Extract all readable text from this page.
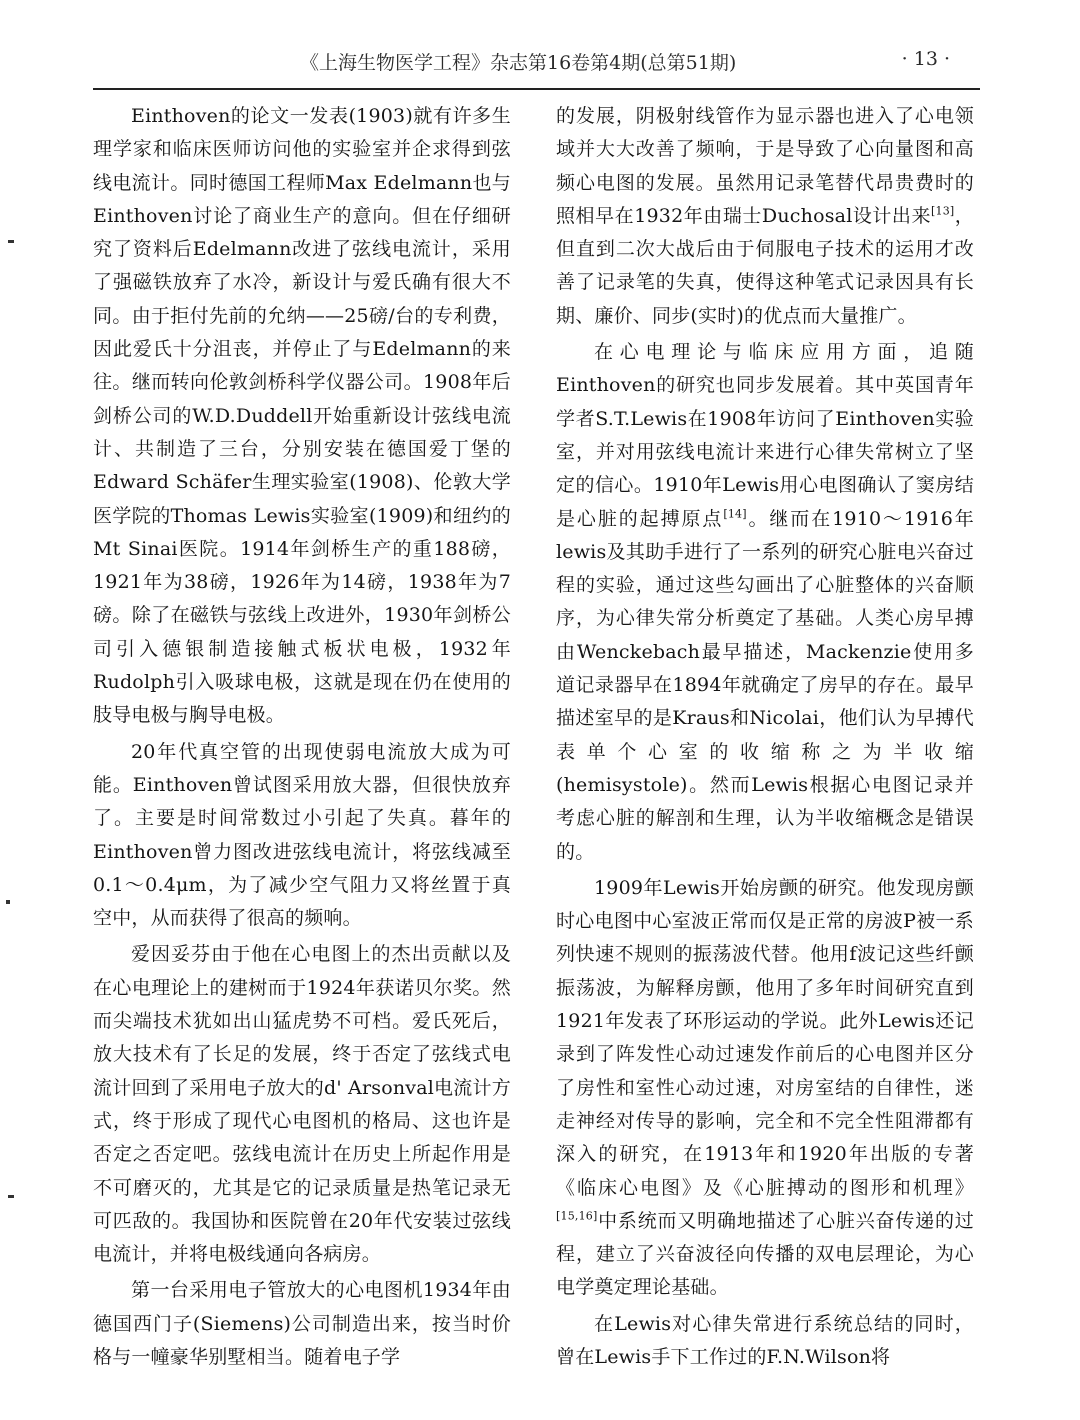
《上海生物医学工程》杂志第16卷第4期(总第51期)	· 13 ·

Einthoven的论文一发表(1903)就有许多生理学家和临床医师访问他的实验室并企求得到弦线电流计。同时德国工程师Max Edelmann也与Einthoven讨论了商业生产的意向。但在仔细研究了资料后Edelmann改进了弦线电流计，采用了强磁铁放弃了水冷，新设计与爱氏确有很大不同。由于拒付先前的允纳——25磅/台的专利费，因此爱氏十分沮丧，并停止了与Edelmann的来往。继而转向伦敦剑桥科学仪器公司。1908年后剑桥公司的W.D.Duddell开始重新设计弦线电流计、共制造了三台，分别安装在德国爱丁堡的Edward Schäfer生理实验室(1908)、伦敦大学医学院的Thomas Lewis实验室(1909)和纽约的Mt Sinai医院。1914年剑桥生产的重188磅，1921年为38磅，1926年为14磅，1938年为7磅。除了在磁铁与弦线上改进外，1930年剑桥公司引入德银制造接触式板状电极，1932年Rudolph引入吸球电极，这就是现在仍在使用的肢导电极与胸导电极。

20年代真空管的出现使弱电流放大成为可能。Einthoven曾试图采用放大器，但很快放弃了。主要是时间常数过小引起了失真。暮年的Einthoven曾力图改进弦线电流计，将弦线减至0.1～0.4μm，为了减少空气阻力又将丝置于真空中，从而获得了很高的频响。

爱因妥芬由于他在心电图上的杰出贡献以及在心电理论上的建树而于1924年获诺贝尔奖。然而尖端技术犹如出山猛虎势不可档。爱氏死后，放大技术有了长足的发展，终于否定了弦线式电流计回到了采用电子放大的d' Arsonval电流计方式，终于形成了现代心电图机的格局、这也许是否定之否定吧。弦线电流计在历史上所起作用是不可磨灭的，尤其是它的记录质量是热笔记录无可匹敌的。我国协和医院曾在20年代安装过弦线电流计，并将电极线通向各病房。

第一台采用电子管放大的心电图机1934年由德国西门子(Siemens)公司制造出来，按当时价格与一幢豪华别墅相当。随着电子学

的发展，阴极射线管作为显示器也进入了心电领域并大大改善了频响，于是导致了心向量图和高频心电图的发展。虽然用记录笔替代昂贵费时的照相早在1932年由瑞士Duchosal设计出来[13]，但直到二次大战后由于伺服电子技术的运用才改善了记录笔的失真，使得这种笔式记录因具有长期、廉价、同步(实时)的优点而大量推广。

在心电理论与临床应用方面，追随Einthoven的研究也同步发展着。其中英国青年学者S.T.Lewis在1908年访问了Einthoven实验室，并对用弦线电流计来进行心律失常树立了坚定的信心。1910年Lewis用心电图确认了窦房结是心脏的起搏原点[14]。继而在1910～1916年lewis及其助手进行了一系列的研究心脏电兴奋过程的实验，通过这些勾画出了心脏整体的兴奋顺序，为心律失常分析奠定了基础。人类心房早搏由Wenckebach最早描述，Mackenzie使用多道记录器早在1894年就确定了房早的存在。最早描述室早的是Kraus和Nicolai，他们认为早搏代表单个心室的收缩称之为半收缩(hemisystole)。然而Lewis根据心电图记录并考虑心脏的解剖和生理，认为半收缩概念是错误的。

1909年Lewis开始房颤的研究。他发现房颤时心电图中心室波正常而仅是正常的房波P被一系列快速不规则的振荡波代替。他用f波记这些纤颤振荡波，为解释房颤，他用了多年时间研究直到1921年发表了环形运动的学说。此外Lewis还记录到了阵发性心动过速发作前后的心电图并区分了房性和室性心动过速，对房室结的自律性，迷走神经对传导的影响，完全和不完全性阻滞都有深入的研究，在1913年和1920年出版的专著《临床心电图》及《心脏搏动的图形和机理》[15,16]中系统而又明确地描述了心脏兴奋传递的过程，建立了兴奋波径向传播的双电层理论，为心电学奠定理论基础。

在Lewis对心律失常进行系统总结的同时，曾在Lewis手下工作过的F.N.Wilson将
